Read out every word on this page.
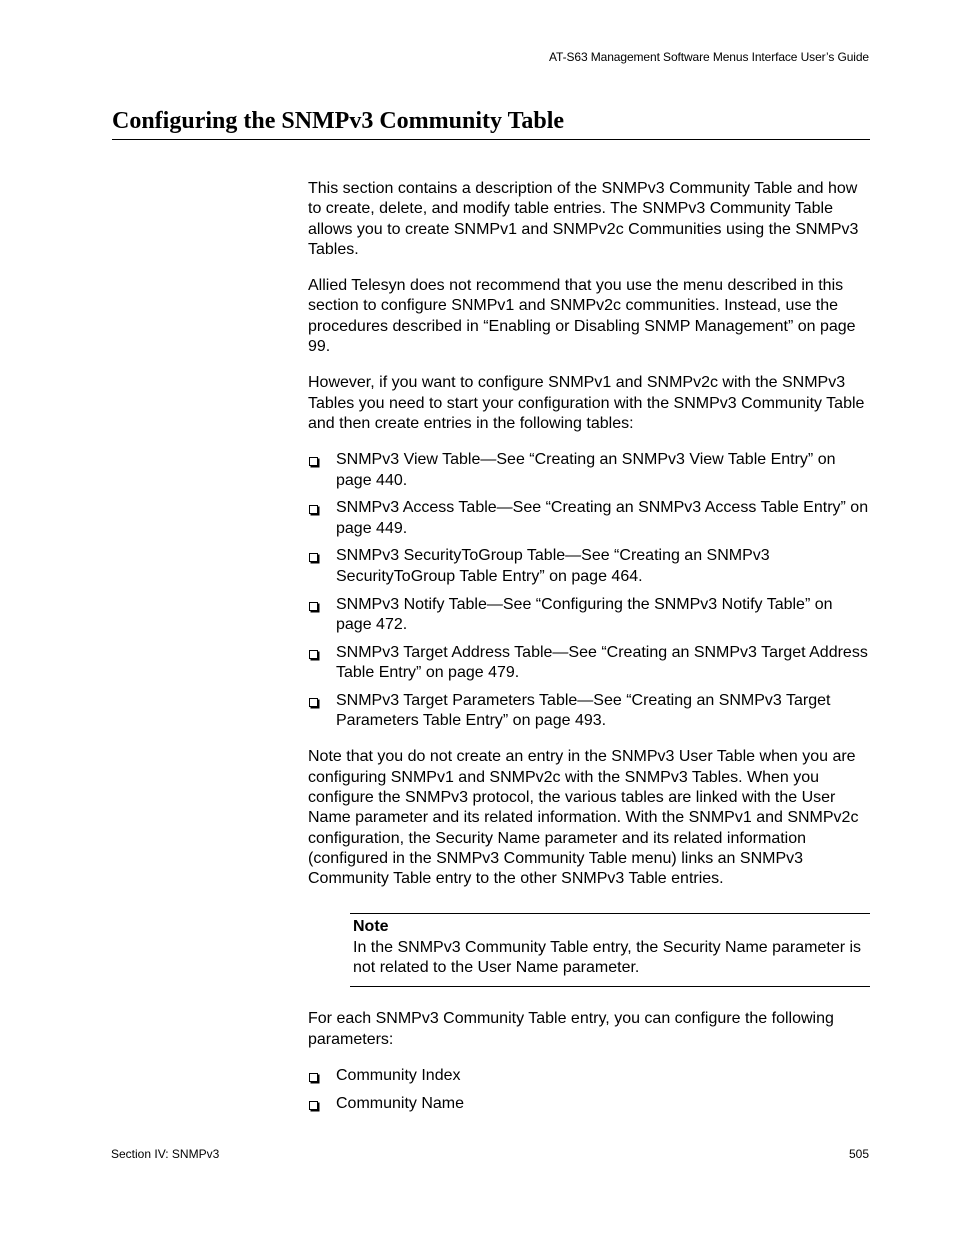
AT-S63 Management Software Menus Interface User’s Guide
Configuring the SNMPv3 Community Table

This section contains a description of the SNMPv3 Community Table and how to create, delete, and modify table entries. The SNMPv3 Community Table allows you to create SNMPv1 and SNMPv2c Communities using the SNMPv3 Tables.

Allied Telesyn does not recommend that you use the menu described in this section to configure SNMPv1 and SNMPv2c communities. Instead, use the procedures described in “Enabling or Disabling SNMP Management” on page 99.

However, if you want to configure SNMPv1 and SNMPv2c with the SNMPv3 Tables you need to start your configuration with the SNMPv3 Community Table and then create entries in the following tables:

SNMPv3 View Table—See “Creating an SNMPv3 View Table Entry” on page 440.
SNMPv3 Access Table—See “Creating an SNMPv3 Access Table Entry” on page 449.
SNMPv3 SecurityToGroup Table—See “Creating an SNMPv3 SecurityToGroup Table Entry” on page 464.
SNMPv3 Notify Table—See “Configuring the SNMPv3 Notify Table” on page 472.
SNMPv3 Target Address Table—See “Creating an SNMPv3 Target Address Table Entry” on page 479.
SNMPv3 Target Parameters Table—See “Creating an SNMPv3 Target Parameters Table Entry” on page 493.

Note that you do not create an entry in the SNMPv3 User Table when you are configuring SNMPv1 and SNMPv2c with the SNMPv3 Tables. When you configure the SNMPv3 protocol, the various tables are linked with the User Name parameter and its related information. With the SNMPv1 and SNMPv2c configuration, the Security Name parameter and its related information (configured in the SNMPv3 Community Table menu) links an SNMPv3 Community Table entry to the other SNMPv3 Table entries.

Note
In the SNMPv3 Community Table entry, the Security Name parameter is not related to the User Name parameter.

For each SNMPv3 Community Table entry, you can configure the following parameters:

Community Index
Community Name
Section IV: SNMPv3	505
